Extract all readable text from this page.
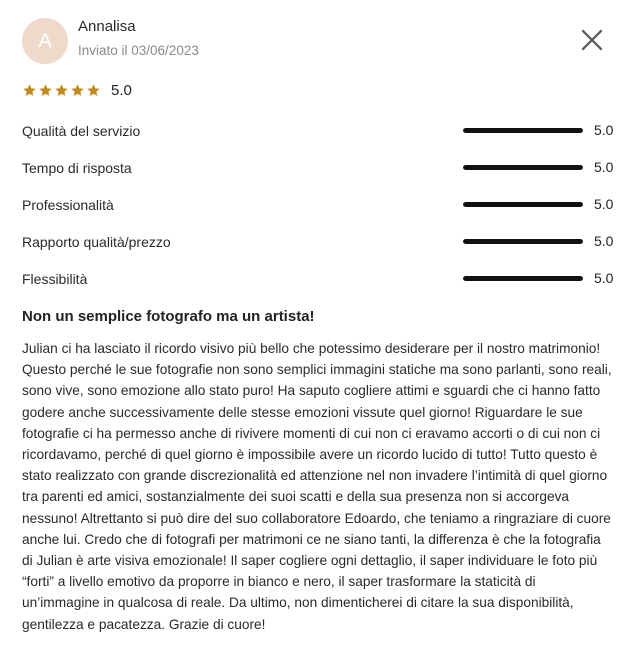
A
Annalisa
Inviato il 03/06/2023
5.0
Qualità del servizio	5.0
Tempo di risposta	5.0
Professionalità	5.0
Rapporto qualità/prezzo	5.0
Flessibilità	5.0
Non un semplice fotografo ma un artista!

Julian ci ha lasciato il ricordo visivo più bello che potessimo desiderare per il nostro matrimonio! Questo perché le sue fotografie non sono semplici immagini statiche ma sono parlanti, sono reali, sono vive, sono emozione allo stato puro! Ha saputo cogliere attimi e sguardi che ci hanno fatto godere anche successivamente delle stesse emozioni vissute quel giorno! Riguardare le sue fotografie ci ha permesso anche di rivivere momenti di cui non ci eravamo accorti o di cui non ci ricordavamo, perché di quel giorno è impossibile avere un ricordo lucido di tutto! Tutto questo è stato realizzato con grande discrezionalità ed attenzione nel non invadere l’intimità di quel giorno tra parenti ed amici, sostanzialmente dei suoi scatti e della sua presenza non si accorgeva nessuno! Altrettanto si può dire del suo collaboratore Edoardo, che teniamo a ringraziare di cuore anche lui. Credo che di fotografi per matrimoni ce ne siano tanti, la differenza è che la fotografia di Julian è arte visiva emozionale! Il saper cogliere ogni dettaglio, il saper individuare le foto più “forti” a livello emotivo da proporre in bianco e nero, il saper trasformare la staticità di un’immagine in qualcosa di reale. Da ultimo, non dimenticherei di citare la sua disponibilità, gentilezza e pacatezza. Grazie di cuore!
